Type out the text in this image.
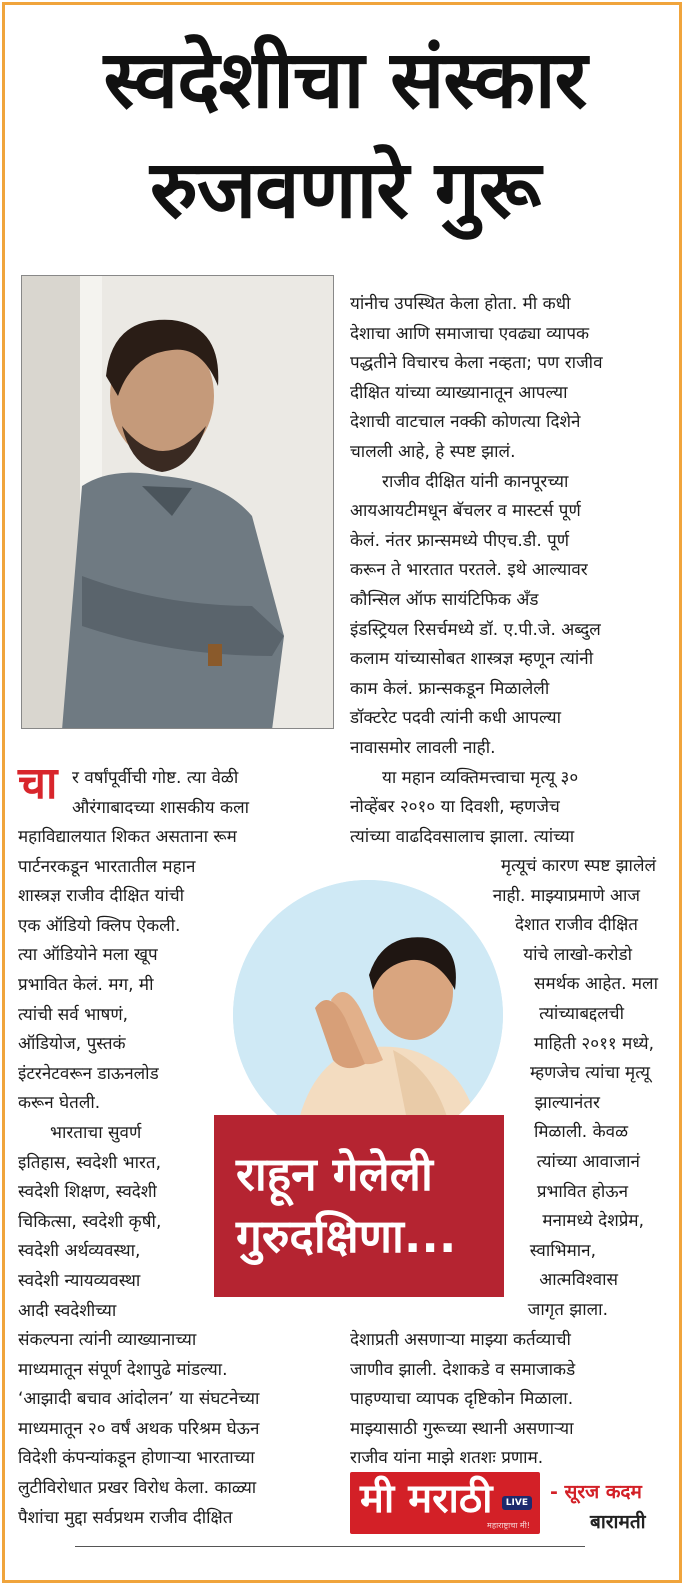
स्वदेशीचा संस्कार
रुजवणारे गुरू
यांनीच उपस्थित केला होता. मी कधी
देशाचा आणि समाजाचा एवढ्या व्यापक
पद्धतीने विचारच केला नव्हता; पण राजीव
दीक्षित यांच्या व्याख्यानातून आपल्या
देशाची वाटचाल नक्की कोणत्या दिशेने
चालली आहे, हे स्पष्ट झालं.
राजीव दीक्षित यांनी कानपूरच्या
आयआयटीमधून बॅचलर व मास्टर्स पूर्ण
केलं. नंतर फ्रान्समध्ये पीएच.डी. पूर्ण
करून ते भारतात परतले. इथे आल्यावर
कौन्सिल ऑफ सायंटिफिक अँड
इंडस्ट्रियल रिसर्चमध्ये डॉ. ए.पी.जे. अब्दुल
कलाम यांच्यासोबत शास्त्रज्ञ म्हणून त्यांनी
काम केलं. फ्रान्सकडून मिळालेली
डॉक्टरेट पदवी त्यांनी कधी आपल्या
नावासमोर लावली नाही.
या महान व्यक्तिमत्त्वाचा मृत्यू ३०
नोव्हेंबर २०१० या दिवशी, म्हणजेच
त्यांच्या वाढदिवसालाच झाला. त्यांच्या
मृत्यूचं कारण स्पष्ट झालेलं
नाही. माझ्याप्रमाणे आज
देशात राजीव दीक्षित
यांचे लाखो-करोडो
समर्थक आहेत. मला
त्यांच्याबद्दलची
माहिती २०११ मध्ये,
म्हणजेच त्यांचा मृत्यू
झाल्यानंतर
मिळाली. केवळ
त्यांच्या आवाजानं
प्रभावित होऊन
मनामध्ये देशप्रेम,
स्वाभिमान,
आत्मविश्वास
जागृत झाला.
देशाप्रती असणाऱ्या माझ्या कर्तव्याची
जाणीव झाली. देशाकडे व समाजाकडे
पाहण्याचा व्यापक दृष्टिकोन मिळाला.
माझ्यासाठी गुरूच्या स्थानी असणाऱ्या
राजीव यांना माझे शतशः प्रणाम.
चा र वर्षांपूर्वीची गोष्ट. त्या वेळी
औरंगाबादच्या शासकीय कला
महाविद्यालयात शिकत असताना रूम
पार्टनरकडून भारतातील महान
शास्त्रज्ञ राजीव दीक्षित यांची
एक ऑडियो क्लिप ऐकली.
त्या ऑडियोने मला खूप
प्रभावित केलं. मग, मी
त्यांची सर्व भाषणं,
ऑडियोज, पुस्तकं
इंटरनेटवरून डाऊनलोड
करून घेतली.
भारताचा सुवर्ण
इतिहास, स्वदेशी भारत,
स्वदेशी शिक्षण, स्वदेशी
चिकित्सा, स्वदेशी कृषी,
स्वदेशी अर्थव्यवस्था,
स्वदेशी न्यायव्यवस्था
आदी स्वदेशीच्या
संकल्पना त्यांनी व्याख्यानाच्या
माध्यमातून संपूर्ण देशापुढे मांडल्या.
‘आझादी बचाव आंदोलन’ या संघटनेच्या
माध्यमातून २० वर्षं अथक परिश्रम घेऊन
विदेशी कंपन्यांकडून होणाऱ्या भारताच्या
लुटीविरोधात प्रखर विरोध केला. काळ्या
पैशांचा मुद्दा सर्वप्रथम राजीव दीक्षित
राहून गेलेली
गुरुदक्षिणा...
मी मराठी	LIVE
महाराष्ट्राचा मी!
- सूरज कदम
बारामती
